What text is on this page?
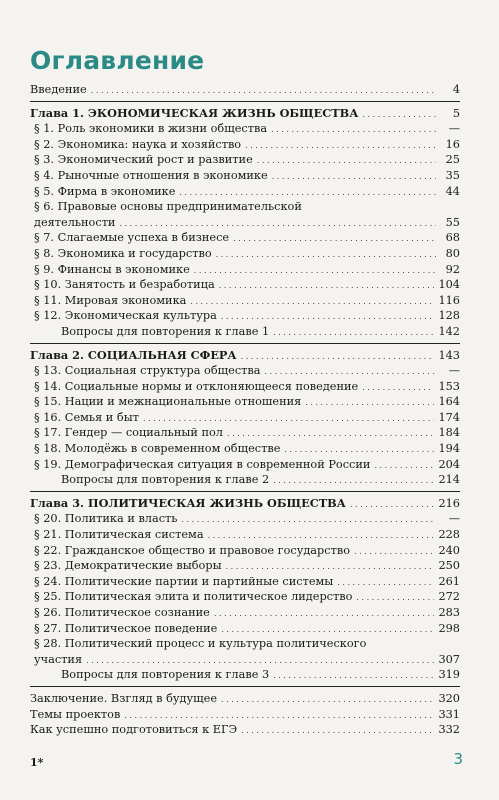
Оглавление
Введение . . .	4
Глава 1. ЭКОНОМИЧЕСКАЯ ЖИЗНЬ ОБЩЕСТВА . . .	5
§ 1. Роль экономики в жизни общества . . .	—
§ 2. Экономика: наука и хозяйство . . .	16
§ 3. Экономический рост и развитие . . .	25
§ 4. Рыночные отношения в экономике . . .	35
§ 5. Фирма в экономике . . .	44
§ 6. Правовые основы предпринимательской
деятельности . . .	55
§ 7. Слагаемые успеха в бизнесе . . .	68
§ 8. Экономика и государство . . .	80
§ 9. Финансы в экономике . . .	92
§ 10. Занятость и безработица . . .	104
§ 11. Мировая экономика . . .	116
§ 12. Экономическая культура . . .	128
Вопросы для повторения к главе 1 . . .	142
Глава 2. СОЦИАЛЬНАЯ СФЕРА . . .	143
§ 13. Социальная структура общества . . .	—
§ 14. Социальные нормы и отклоняющееся поведение . . .	153
§ 15. Нации и межнациональные отношения . . .	164
§ 16. Семья и быт . . .	174
§ 17. Гендер — социальный пол . . .	184
§ 18. Молодёжь в современном обществе . . .	194
§ 19. Демографическая ситуация в современной России . . .	204
Вопросы для повторения к главе 2 . . .	214
Глава 3. ПОЛИТИЧЕСКАЯ ЖИЗНЬ ОБЩЕСТВА . . .	216
§ 20. Политика и власть . . .	—
§ 21. Политическая система . . .	228
§ 22. Гражданское общество и правовое государство . . .	240
§ 23. Демократические выборы . . .	250
§ 24. Политические партии и партийные системы . . .	261
§ 25. Политическая элита и политическое лидерство . . .	272
§ 26. Политическое сознание . . .	283
§ 27. Политическое поведение . . .	298
§ 28. Политический процесс и культура политического
участия . . .	307
Вопросы для повторения к главе 3 . . .	319
Заключение. Взгляд в будущее . . .	320
Темы проектов . . .	331
Как успешно подготовиться к ЕГЭ . . .	332
1*	3
